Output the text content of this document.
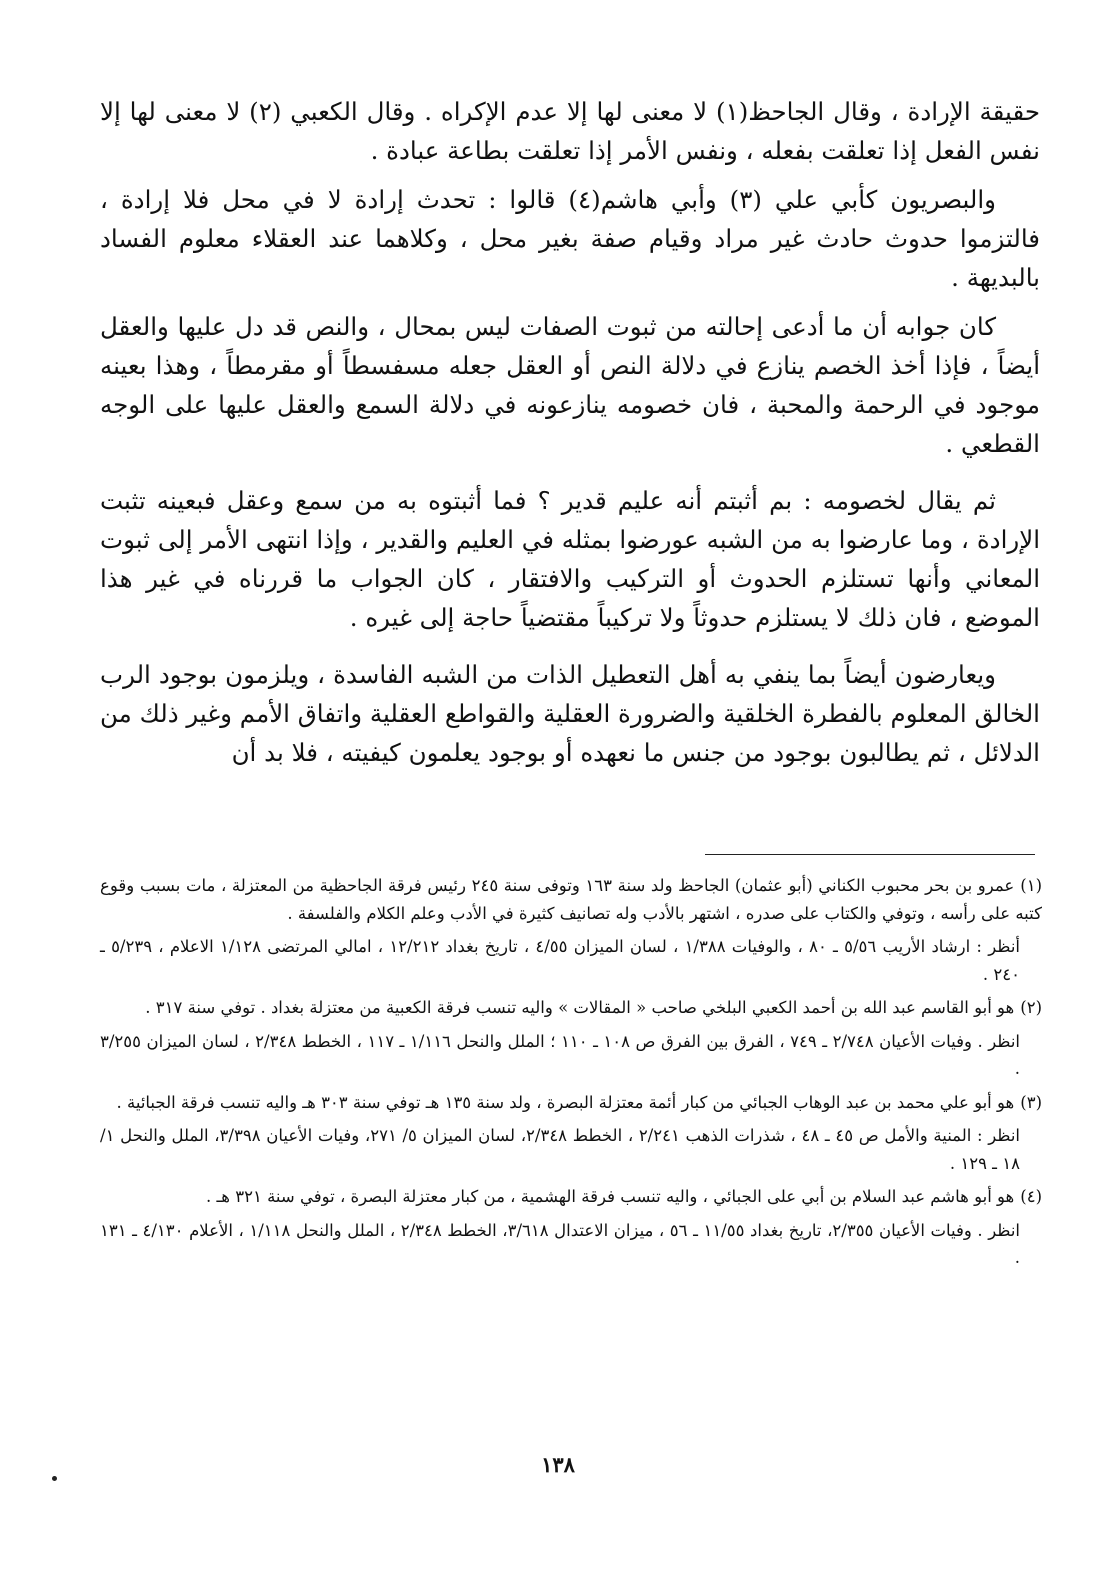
حقيقة الإرادة ، وقال الجاحظ(١) لا معنى لها إلا عدم الإكراه . وقال الكعبي (٢) لا معنى لها إلا نفس الفعل إذا تعلقت بفعله ، ونفس الأمر إذا تعلقت بطاعة عبادة .

والبصريون كأبي علي (٣) وأبي هاشم(٤) قالوا : تحدث إرادة لا في محل فلا إرادة ، فالتزموا حدوث حادث غير مراد وقيام صفة بغير محل ، وكلاهما عند العقلاء معلوم الفساد بالبديهة .

كان جوابه أن ما أدعى إحالته من ثبوت الصفات ليس بمحال ، والنص قد دل عليها والعقل أيضاً ، فإذا أخذ الخصم ينازع في دلالة النص أو العقل جعله مسفسطاً أو مقرمطاً ، وهذا بعينه موجود في الرحمة والمحبة ، فان خصومه ينازعونه في دلالة السمع والعقل عليها على الوجه القطعي .

ثم يقال لخصومه : بم أثبتم أنه عليم قدير ؟ فما أثبتوه به من سمع وعقل فبعينه تثبت الإرادة ، وما عارضوا به من الشبه عورضوا بمثله في العليم والقدير ، وإذا انتهى الأمر إلى ثبوت المعاني وأنها تستلزم الحدوث أو التركيب والافتقار ، كان الجواب ما قررناه في غير هذا الموضع ، فان ذلك لا يستلزم حدوثاً ولا تركيباً مقتضياً حاجة إلى غيره .

ويعارضون أيضاً بما ينفي به أهل التعطيل الذات من الشبه الفاسدة ، ويلزمون بوجود الرب الخالق المعلوم بالفطرة الخلقية والضرورة العقلية والقواطع العقلية واتفاق الأمم وغير ذلك من الدلائل ، ثم يطالبون بوجود من جنس ما نعهده أو بوجود يعلمون كيفيته ، فلا بد أن

(١)عمرو بن بحر محبوب الكناني (أبو عثمان) الجاحظ ولد سنة ١٦٣ وتوفى سنة ٢٤٥ رئيس فرقة الجاحظية من المعتزلة ، مات بسبب وقوع كتبه على رأسه ، وتوفي والكتاب على صدره ، اشتهر بالأدب وله تصانيف كثيرة في الأدب وعلم الكلام والفلسفة .

أنظر : ارشاد الأريب ٥/٥٦ ـ ٨٠ ، والوفيات ١/٣٨٨ ، لسان الميزان ٤/٥٥ ، تاريخ بغداد ١٢/٢١٢ ، امالي المرتضى ١/١٢٨ الاعلام ، ٥/٢٣٩ ـ ٢٤٠ .

(٢)هو أبو القاسم عبد الله بن أحمد الكعبي البلخي صاحب « المقالات » واليه تنسب فرقة الكعبية من معتزلة بغداد . توفي سنة ٣١٧ .

انظر . وفيات الأعيان ٢/٧٤٨ ـ ٧٤٩ ، الفرق بين الفرق ص ١٠٨ ـ ١١٠ ؛ الملل والنحل ١/١١٦ ـ ١١٧ ، الخطط ٢/٣٤٨ ، لسان الميزان ٣/٢٥٥ .

(٣)هو أبو علي محمد بن عبد الوهاب الجبائي من كبار أئمة معتزلة البصرة ، ولد سنة ١٣٥ هـ توفي سنة ٣٠٣ هـ واليه تنسب فرقة الجبائية .

انظر : المنية والأمل ص ٤٥ ـ ٤٨ ، شذرات الذهب ٢/٢٤١ ، الخطط ٢/٣٤٨، لسان الميزان ٥/ ٢٧١، وفيات الأعيان ٣/٣٩٨، الملل والنحل ١/ ١٨ ـ ١٢٩ .

(٤)هو أبو هاشم عبد السلام بن أبي على الجبائي ، واليه تنسب فرقة الهشمية ، من كبار معتزلة البصرة ، توفي سنة ٣٢١ هـ .

انظر . وفيات الأعيان ٢/٣٥٥، تاريخ بغداد ١١/٥٥ ـ ٥٦ ، ميزان الاعتدال ٣/٦١٨، الخطط ٢/٣٤٨ ، الملل والنحل ١/١١٨ ، الأعلام ٤/١٣٠ ـ ١٣١ .

١٣٨
